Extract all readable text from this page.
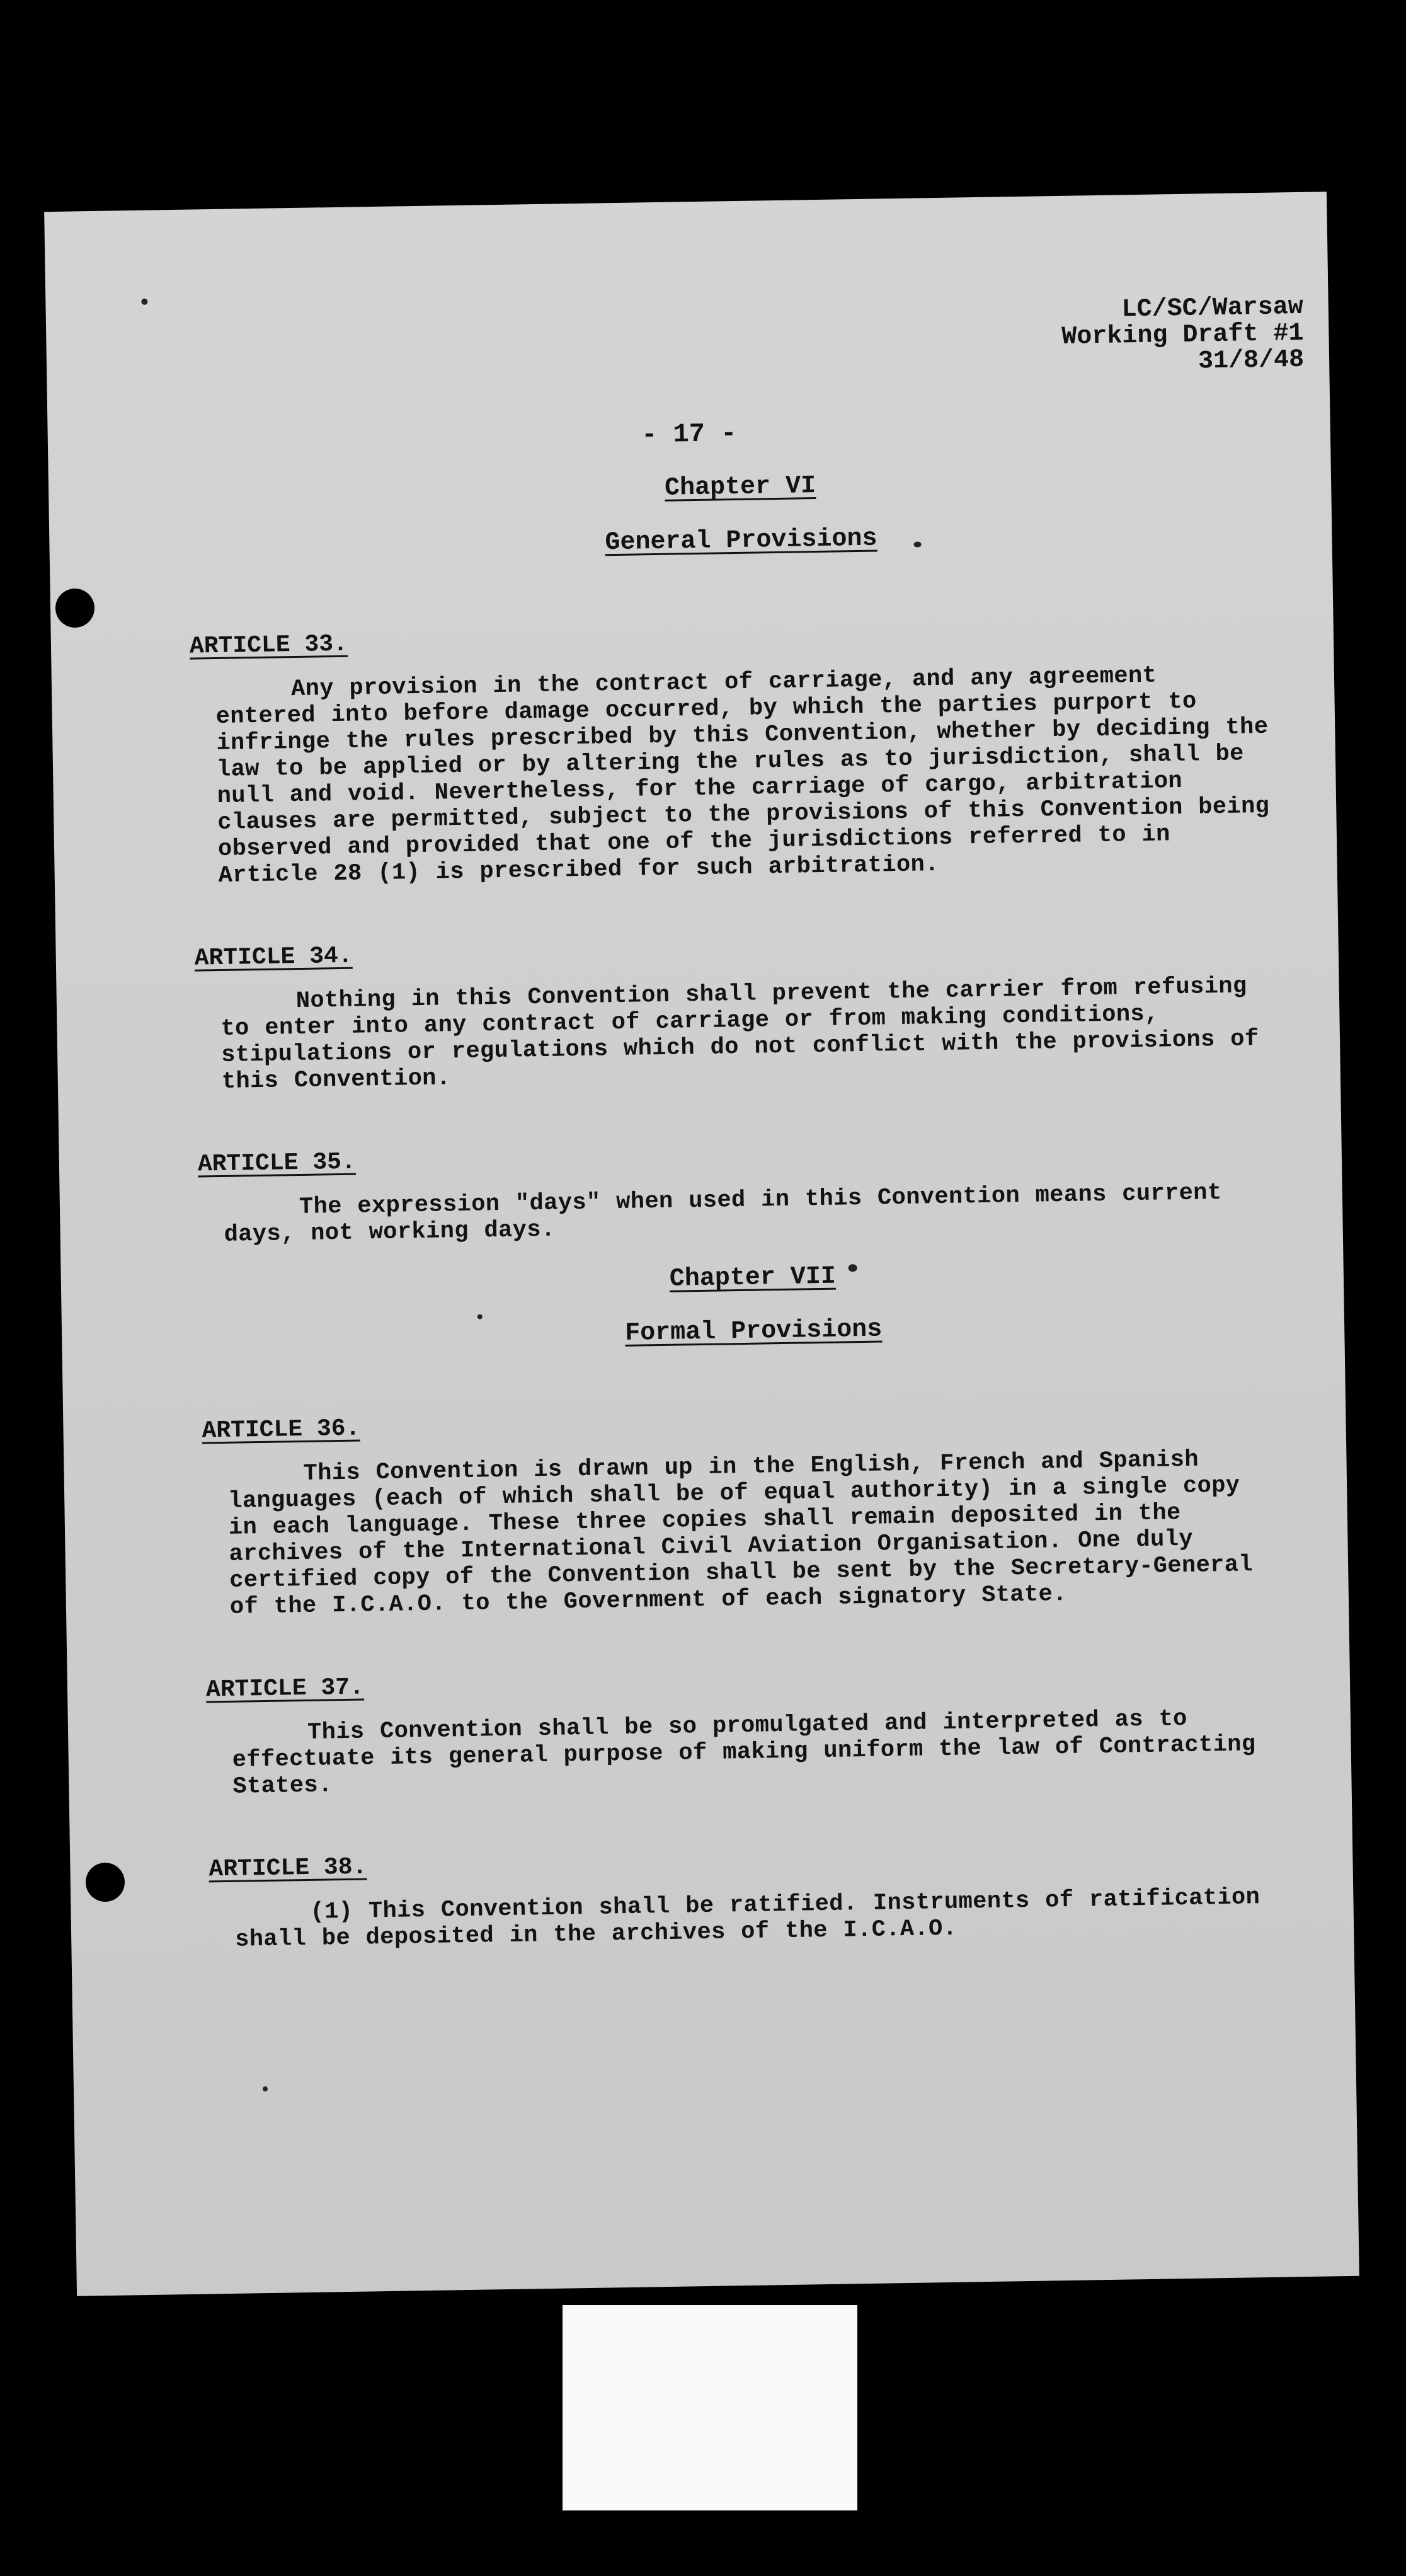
LC/SC/Warsaw
Working Draft #1
31/8/48
- 17 -

Chapter VI

General Provisions

ARTICLE 33.

Any provision in the contract of carriage, and any agreement entered into before damage occurred, by which the parties purport to infringe the rules prescribed by this Convention, whether by deciding the law to be applied or by altering the rules as to jurisdiction, shall be null and void. Nevertheless, for the carriage of cargo, arbitration clauses are permitted, subject to the provisions of this Convention being observed and provided that one of the jurisdictions referred to in Article 28 (1) is prescribed for such arbitration.

ARTICLE 34.

Nothing in this Convention shall prevent the carrier from refusing to enter into any contract of carriage or from making conditions, stipulations or regulations which do not conflict with the provisions of this Convention.

ARTICLE 35.

The expression "days" when used in this Convention means current days, not working days.

Chapter VII

Formal Provisions

ARTICLE 36.

This Convention is drawn up in the English, French and Spanish languages (each of which shall be of equal authority) in a single copy in each language. These three copies shall remain deposited in the archives of the International Civil Aviation Organisation. One duly certified copy of the Convention shall be sent by the Secretary-General of the I.C.A.O. to the Government of each signatory State.

ARTICLE 37.

This Convention shall be so promulgated and interpreted as to effectuate its general purpose of making uniform the law of Contracting States.

ARTICLE 38.

(1) This Convention shall be ratified. Instruments of ratification shall be deposited in the archives of the I.C.A.O.
